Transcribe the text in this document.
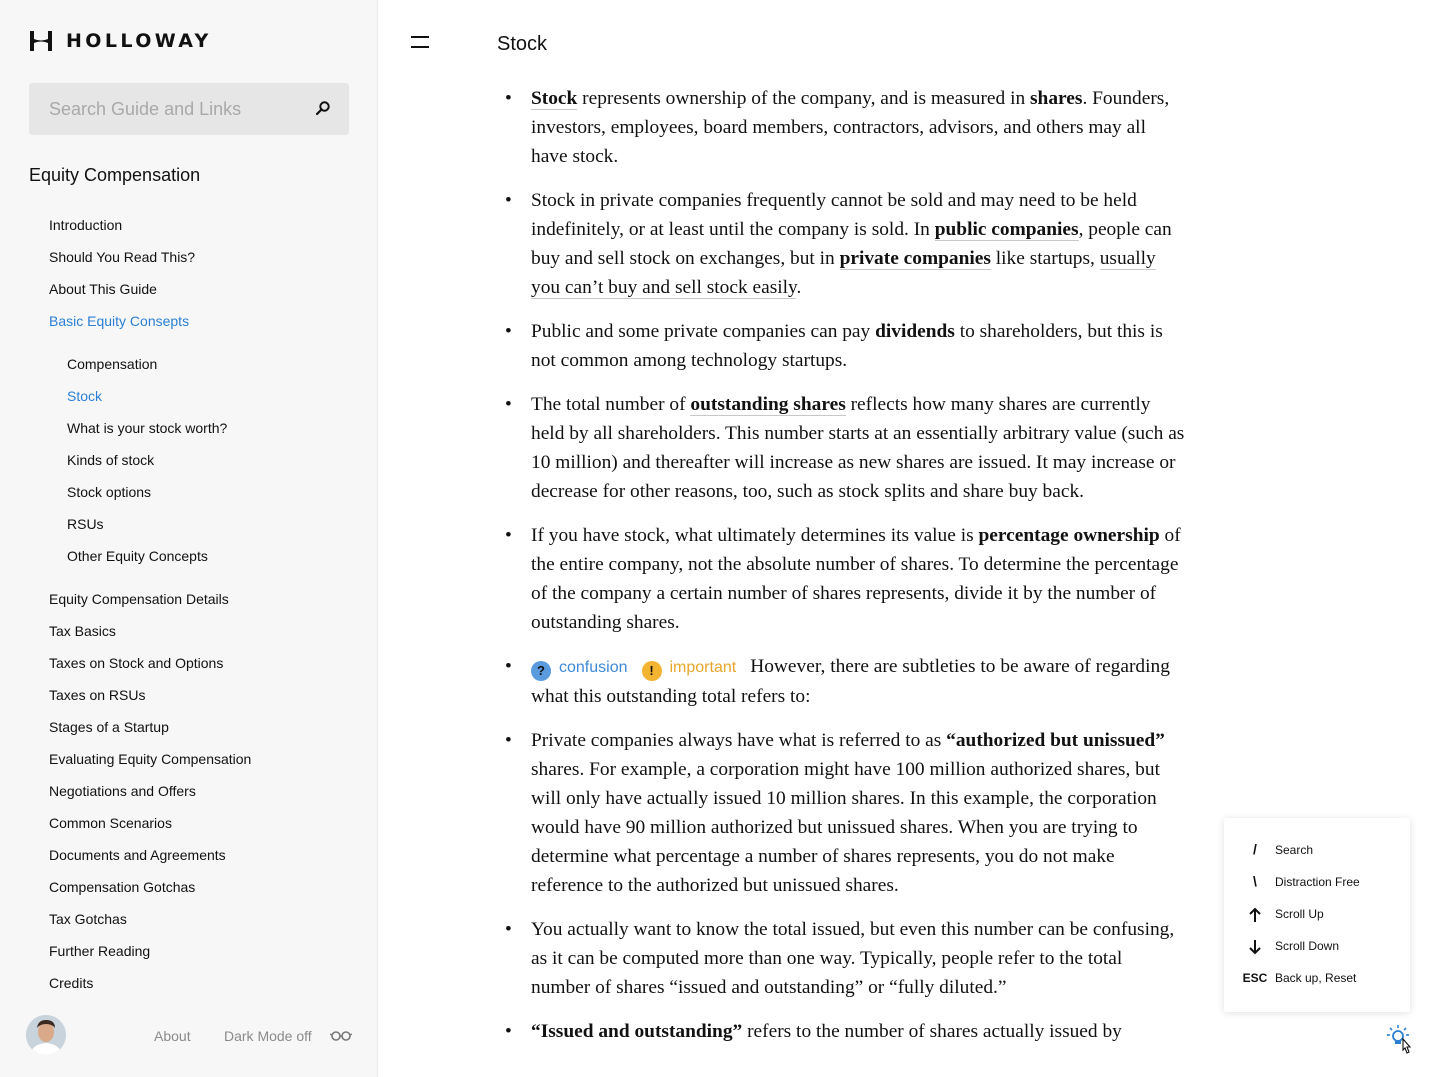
HOLLOWAY
Search Guide and Links
Equity Compensation
Introduction
Should You Read This?
About This Guide
Basic Equity Consepts
Compensation
Stock
What is your stock worth?
Kinds of stock
Stock options
RSUs
Other Equity Concepts
Equity Compensation Details
Tax Basics
Taxes on Stock and Options
Taxes on RSUs
Stages of a Startup
Evaluating Equity Compensation
Negotiations and Offers
Common Scenarios
Documents and Agreements
Compensation Gotchas
Tax Gotchas
Further Reading
Credits
About Dark Mode off
Stock
• Stock represents ownership of the company, and is measured in shares. Founders, investors, employees, board members, contractors, advisors, and others may all have stock.
• Stock in private companies frequently cannot be sold and may need to be held indefinitely, or at least until the company is sold. In public companies, people can buy and sell stock on exchanges, but in private companies like startups, usually you can’t buy and sell stock easily.
• Public and some private companies can pay dividends to shareholders, but this is not common among technology startups.
• The total number of outstanding shares reflects how many shares are currently held by all shareholders. This number starts at an essentially arbitrary value (such as 10 million) and thereafter will increase as new shares are issued. It may increase or decrease for other reasons, too, such as stock splits and share buy back.
• If you have stock, what ultimately determines its value is percentage ownership of the entire company, not the absolute number of shares. To determine the percentage of the company a certain number of shares represents, divide it by the number of outstanding shares.
• ? confusion ! important However, there are subtleties to be aware of regarding what this outstanding total refers to:
• Private companies always have what is referred to as “authorized but unissued” shares. For example, a corporation might have 100 million authorized shares, but will only have actually issued 10 million shares. In this example, the corporation would have 90 million authorized but unissued shares. When you are trying to determine what percentage a number of shares represents, you do not make reference to the authorized but unissued shares.
• You actually want to know the total issued, but even this number can be confusing, as it can be computed more than one way. Typically, people refer to the total number of shares “issued and outstanding” or “fully diluted.”
• “Issued and outstanding” refers to the number of shares actually issued by
/	Search
\	Distraction Free
Scroll Up
Scroll Down
ESC Back up, Reset
